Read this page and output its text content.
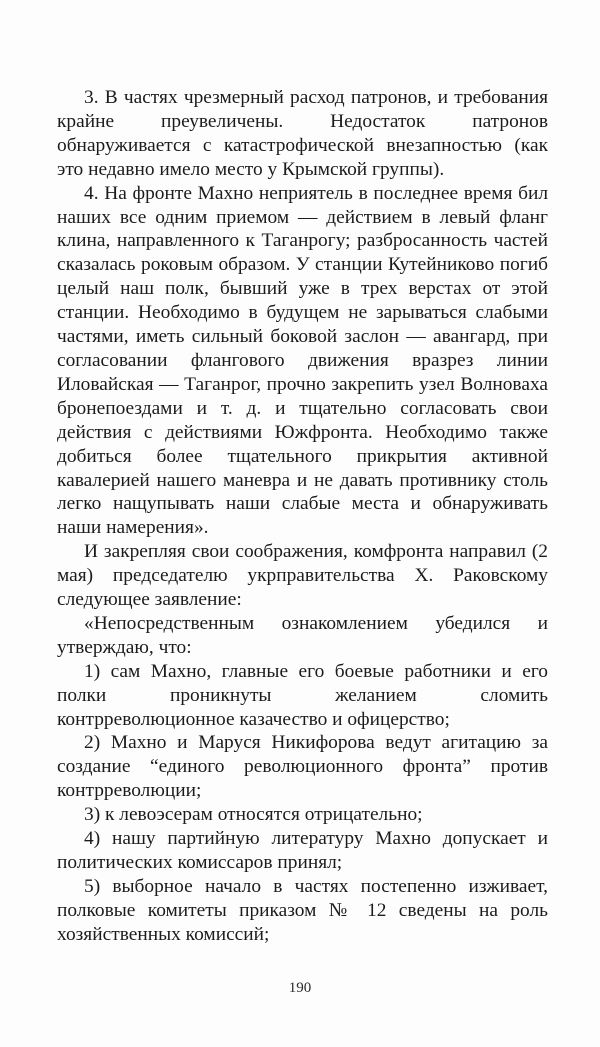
3. В частях чрезмерный расход патронов, и требования крайне преувеличены. Недостаток патронов обнаруживается с катастрофической внезапностью (как это недавно имело место у Крымской группы).

4. На фронте Махно неприятель в последнее время бил наших все одним приемом — действием в левый фланг клина, направленного к Таганрогу; разбросанность частей сказалась роковым образом. У станции Кутейниково погиб целый наш полк, бывший уже в трех верстах от этой станции. Необходимо в будущем не зарываться слабыми частями, иметь сильный боковой заслон — авангард, при согласовании флангового движения вразрез линии Иловайская — Таганрог, прочно закрепить узел Волноваха бронепоездами и т. д. и тщательно согласовать свои действия с действиями Южфронта. Необходимо также добиться более тщательного прикрытия активной кавалерией нашего маневра и не давать противнику столь легко нащупывать наши слабые места и обнаруживать наши намерения».

И закрепляя свои соображения, комфронта направил (2 мая) председателю укрправительства Х. Раковскому следующее заявление:

«Непосредственным ознакомлением убедился и утверждаю, что:

1) сам Махно, главные его боевые работники и его полки проникнуты желанием сломить контрреволюционное казачество и офицерство;

2) Махно и Маруся Никифорова ведут агитацию за создание “единого революционного фронта” против контрреволюции;

3) к левоэсерам относятся отрицательно;

4) нашу партийную литературу Махно допускает и политических комиссаров принял;

5) выборное начало в частях постепенно изживает, полковые комитеты приказом № 12 сведены на роль хозяйственных комиссий;

190
